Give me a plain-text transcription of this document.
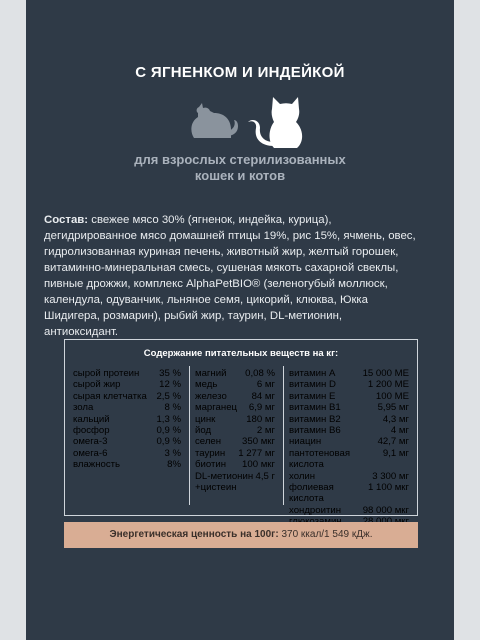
С ЯГНЕНКОМ И ИНДЕЙКОЙ
для взрослых стерилизованных
кошек и котов
Состав: свежее мясо 30% (ягненок, индейка, курица), дегидрированное мясо домашней птицы 19%, рис 15%, ячмень, овес, гидролизованная куриная печень, животный жир, желтый горошек, витаминно-минеральная смесь, сушеная мякоть сахарной свеклы, пивные дрожжи, комплекс AlphaPetBIO® (зеленогубый моллюск, календула, одуванчик, льняное семя, цикорий, клюква, Юкка Шидигера, розмарин), рыбий жир, таурин, DL-метионин, антиоксидант.
Содержание питательных веществ на кг:
сырой протеин 35 %
сырой жир	12 %
сырая клетчатка 2,5 %
зола	8 %
кальций	1,3 %
фосфор	0,9 %
омега-3	0,9 %
омега-6	3 %
влажность	8%
магний 0,08 %
медь	6 мг
железо	84 мг
марганец 6,9 мг
цинк	180 мг
йод	2 мг
селен 350 мкг
таурин 1 277 мг
биотин 100 мкг
DL-метионин 4,5 г
+цистеин
витамин A	15 000 МЕ
витамин D	1 200 МЕ
витамин E	100 МЕ
витамин B1	5,95 мг
витамин B2	4,3 мг
витамин B6	4 мг
ниацин	42,7 мг
пантотеновая	9,1 мг
кислота
холин	3 300 мг
фолиевая	1 100 мкг
кислота
хондроитин 98 000 мкг
Энергетическая ценность на 100г: 370 ккал/1 549 кДж.
